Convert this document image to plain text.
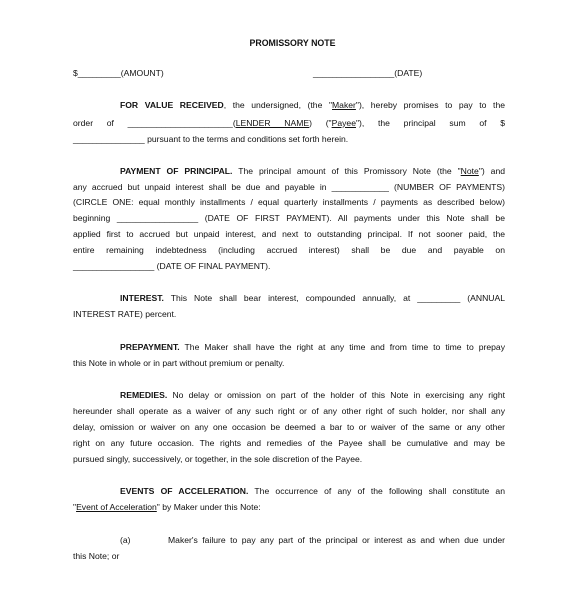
PROMISSORY NOTE
$_________(AMOUNT)	_________________(DATE)
FOR VALUE RECEIVED, the undersigned, (the "Maker"), hereby promises to pay to the
order of ______________________(LENDER NAME) ("Payee"), the principal sum of $
_______________ pursuant to the terms and conditions set forth herein.
PAYMENT OF PRINCIPAL. The principal amount of this Promissory Note (the "Note") and
any accrued but unpaid interest shall be due and payable in ____________ (NUMBER OF PAYMENTS)
(CIRCLE ONE: equal monthly installments / equal quarterly installments / payments as described below)
beginning _________________ (DATE OF FIRST PAYMENT). All payments under this Note shall be
applied first to accrued but unpaid interest, and next to outstanding principal. If not sooner paid, the
entire remaining indebtedness (including accrued interest) shall be due and payable on
_________________ (DATE OF FINAL PAYMENT).
INTEREST. This Note shall bear interest, compounded annually, at _________ (ANNUAL
INTEREST RATE) percent.
PREPAYMENT. The Maker shall have the right at any time and from time to time to prepay
this Note in whole or in part without premium or penalty.
REMEDIES. No delay or omission on part of the holder of this Note in exercising any right
hereunder shall operate as a waiver of any such right or of any other right of such holder, nor shall any
delay, omission or waiver on any one occasion be deemed a bar to or waiver of the same or any other
right on any future occasion. The rights and remedies of the Payee shall be cumulative and may be
pursued singly, successively, or together, in the sole discretion of the Payee.
EVENTS OF ACCELERATION. The occurrence of any of the following shall constitute an
"Event of Acceleration" by Maker under this Note:
(a)	Maker's failure to pay any part of the principal or interest as and when due under
this Note; or
